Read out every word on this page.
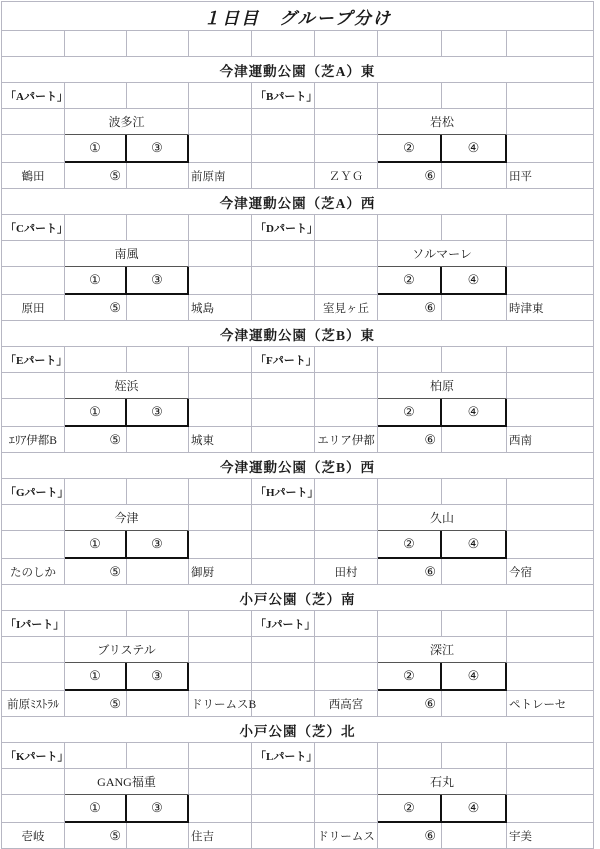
１日目　グループ分け
今津運動公園（芝A）東
「Aパート」	「Bパート」
波多江	岩松
①	③	②	④
鶴田	⑤	前原南	ＺＹＧ	⑥	田平
今津運動公園（芝A）西
「Cパート」	「Dパート」
南風	ソルマーレ
①	③	②	④
原田	⑤	城島	室見ヶ丘	⑥	時津東
今津運動公園（芝B）東
「Eパート」	「Fパート」
姪浜	柏原
①	③	②	④
ｴﾘｱ伊都B	⑤	城東	エリア伊都	⑥	西南
今津運動公園（芝B）西
「Gパート」	「Hパート」
今津	久山
①	③	②	④
たのしか	⑤	御厨	田村	⑥	今宿
小戸公園（芝）南
「Iパート」	「Jパート」
ブリステル	深江
①	③	②	④
前原ﾐｽﾄﾗﾙ	⑤	ドリームスB	西高宮	⑥	ペトレーセ
小戸公園（芝）北
「Kパート」	「Lパート」
GANG福重	石丸
①	③	②	④
壱岐	⑤	住吉	ドリームス	⑥	宇美
